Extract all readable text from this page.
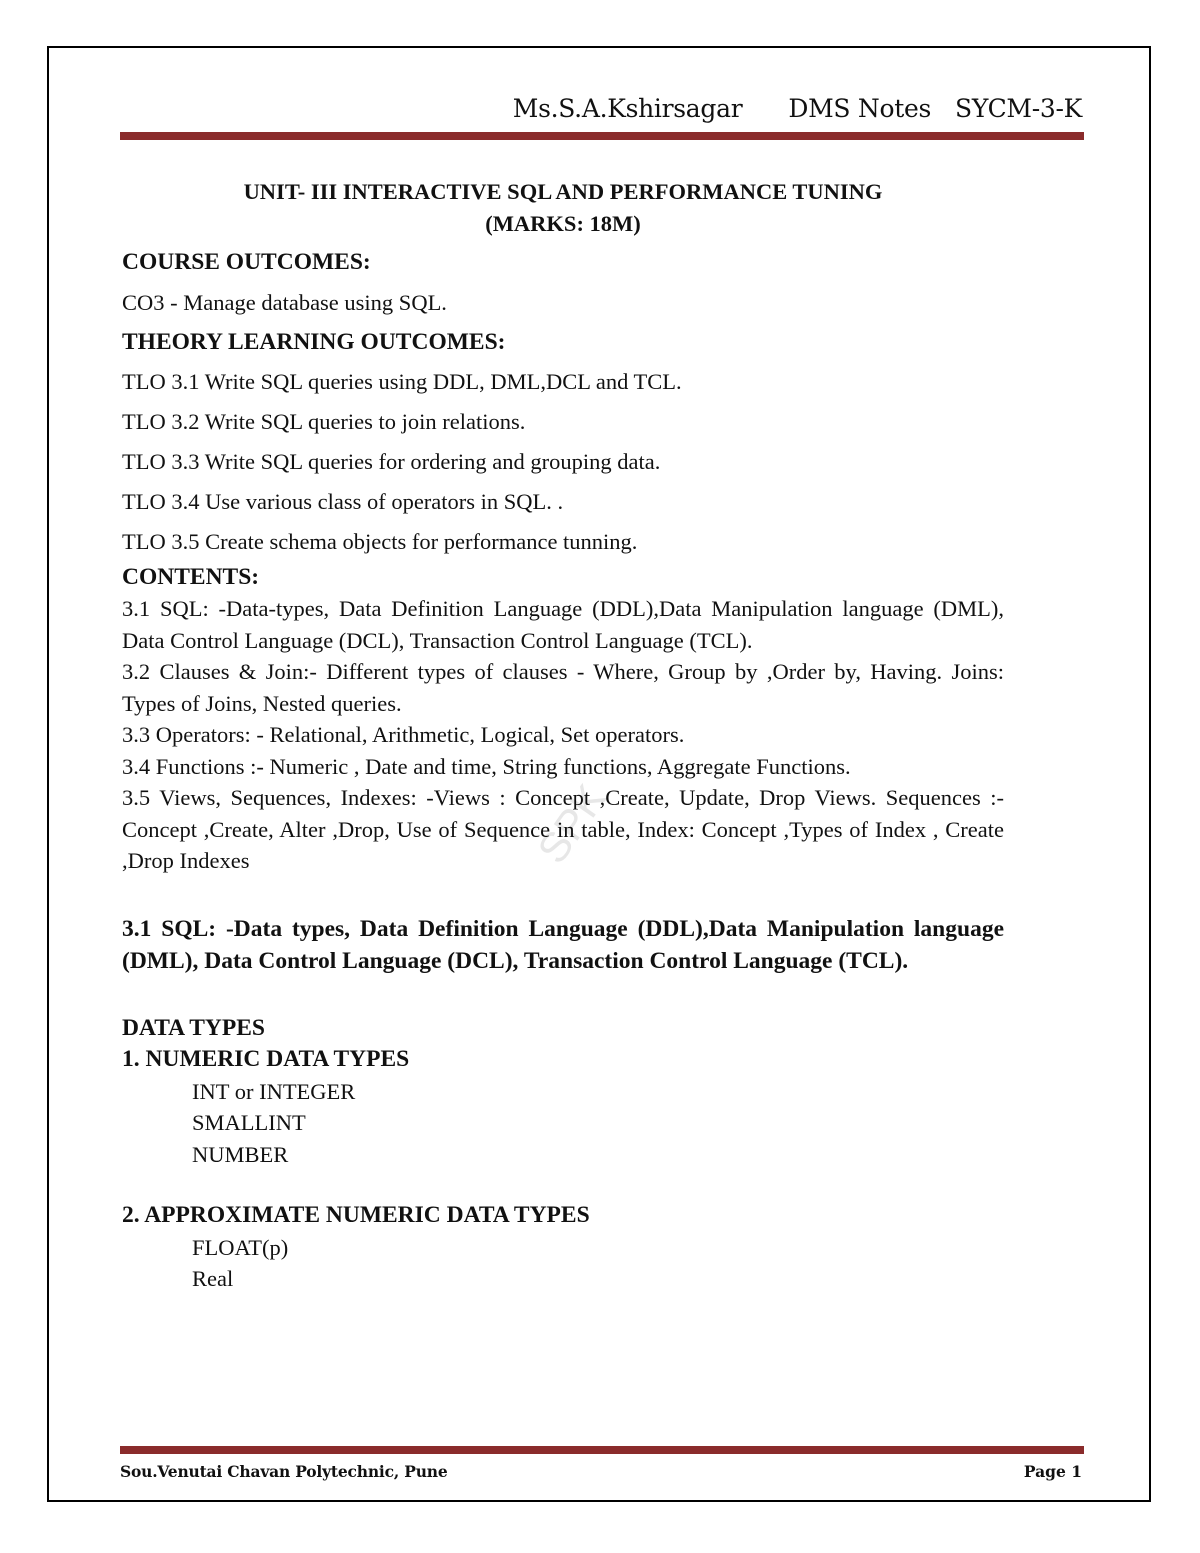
Ms.S.A.Kshirsagar DMS Notes SYCM-3-K
SPK
UNIT- III INTERACTIVE SQL AND PERFORMANCE TUNING
(MARKS: 18M)
COURSE OUTCOMES:
CO3 - Manage database using SQL.
THEORY LEARNING OUTCOMES:
TLO 3.1 Write SQL queries using DDL, DML,DCL and TCL.
TLO 3.2 Write SQL queries to join relations.
TLO 3.3 Write SQL queries for ordering and grouping data.
TLO 3.4 Use various class of operators in SQL. .
TLO 3.5 Create schema objects for performance tunning.
CONTENTS:
3.1 SQL: -Data-types, Data Definition Language (DDL),Data Manipulation language (DML), Data Control Language (DCL), Transaction Control Language (TCL).
3.2 Clauses & Join:- Different types of clauses - Where, Group by ,Order by, Having. Joins: Types of Joins, Nested queries.
3.3 Operators: - Relational, Arithmetic, Logical, Set operators.
3.4 Functions :- Numeric , Date and time, String functions, Aggregate Functions.
3.5 Views, Sequences, Indexes: -Views : Concept ,Create, Update, Drop Views. Sequences :- Concept ,Create, Alter ,Drop, Use of Sequence in table, Index: Concept ,Types of Index , Create ,Drop Indexes
3.1 SQL: -Data types, Data Definition Language (DDL),Data Manipulation language (DML), Data Control Language (DCL), Transaction Control Language (TCL).
DATA TYPES
1. NUMERIC DATA TYPES
INT or INTEGER
SMALLINT
NUMBER
2. APPROXIMATE NUMERIC DATA TYPES
FLOAT(p)
Real
Sou.Venutai Chavan Polytechnic, Pune	Page 1
